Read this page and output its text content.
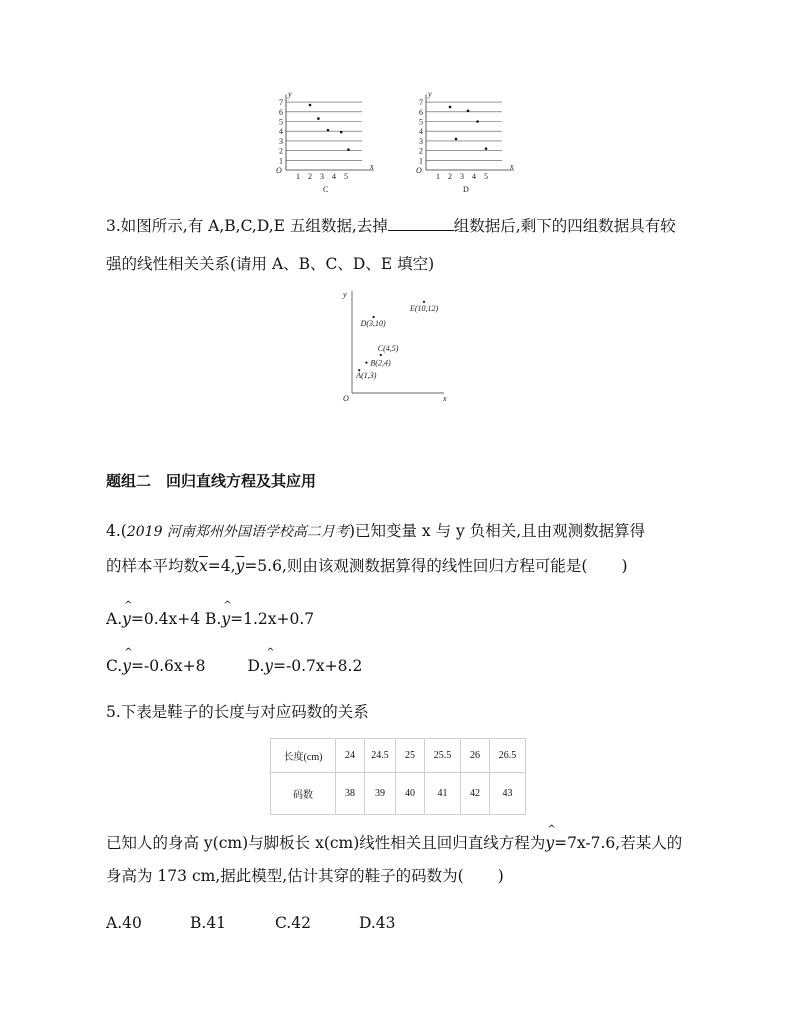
1
2
3
4
5
6
7
1 2 3 4 5
O	x
y
C
1
2
3
4
5
6
7
1 2 3 4 5
O	x
y
D
3.如图所示,有 A,B,C,D,E 五组数据,去掉	组数据后,剩下的四组数据具有较
强的线性相关关系(请用 A、B、C、D、E 填空)
O	x
y
A(1,3)
B(2,4)
C(4,5)
D(3,10)
E(10,12)
题组二　回归直线方程及其应用
4.(2019 河南郑州外国语学校高二月考)已知变量 x 与 y 负相关,且由观测数据算得
的样本平均数$\overline{x}=4,\overline{y}=5.6$,则由该观测数据算得的线性回归方程可能是( )
A.^ y=0.4x+4 B.^ y=1.2x+0.7
C.^ y=-0.6x+8	D.^ y=-0.7x+8.2
5.下表是鞋子的长度与对应码数的关系
长度(cm)	24	24.5	25	25.5	26	26.5
码数	38	39	40	41	42	43
已知人的身高 y(cm)与脚板长 x(cm)线性相关且回归直线方程为^ y=7x-7.6,若某人的
身高为 173 cm,据此模型,估计其穿的鞋子的码数为( )
A.40	B.41	C.42	D.43
